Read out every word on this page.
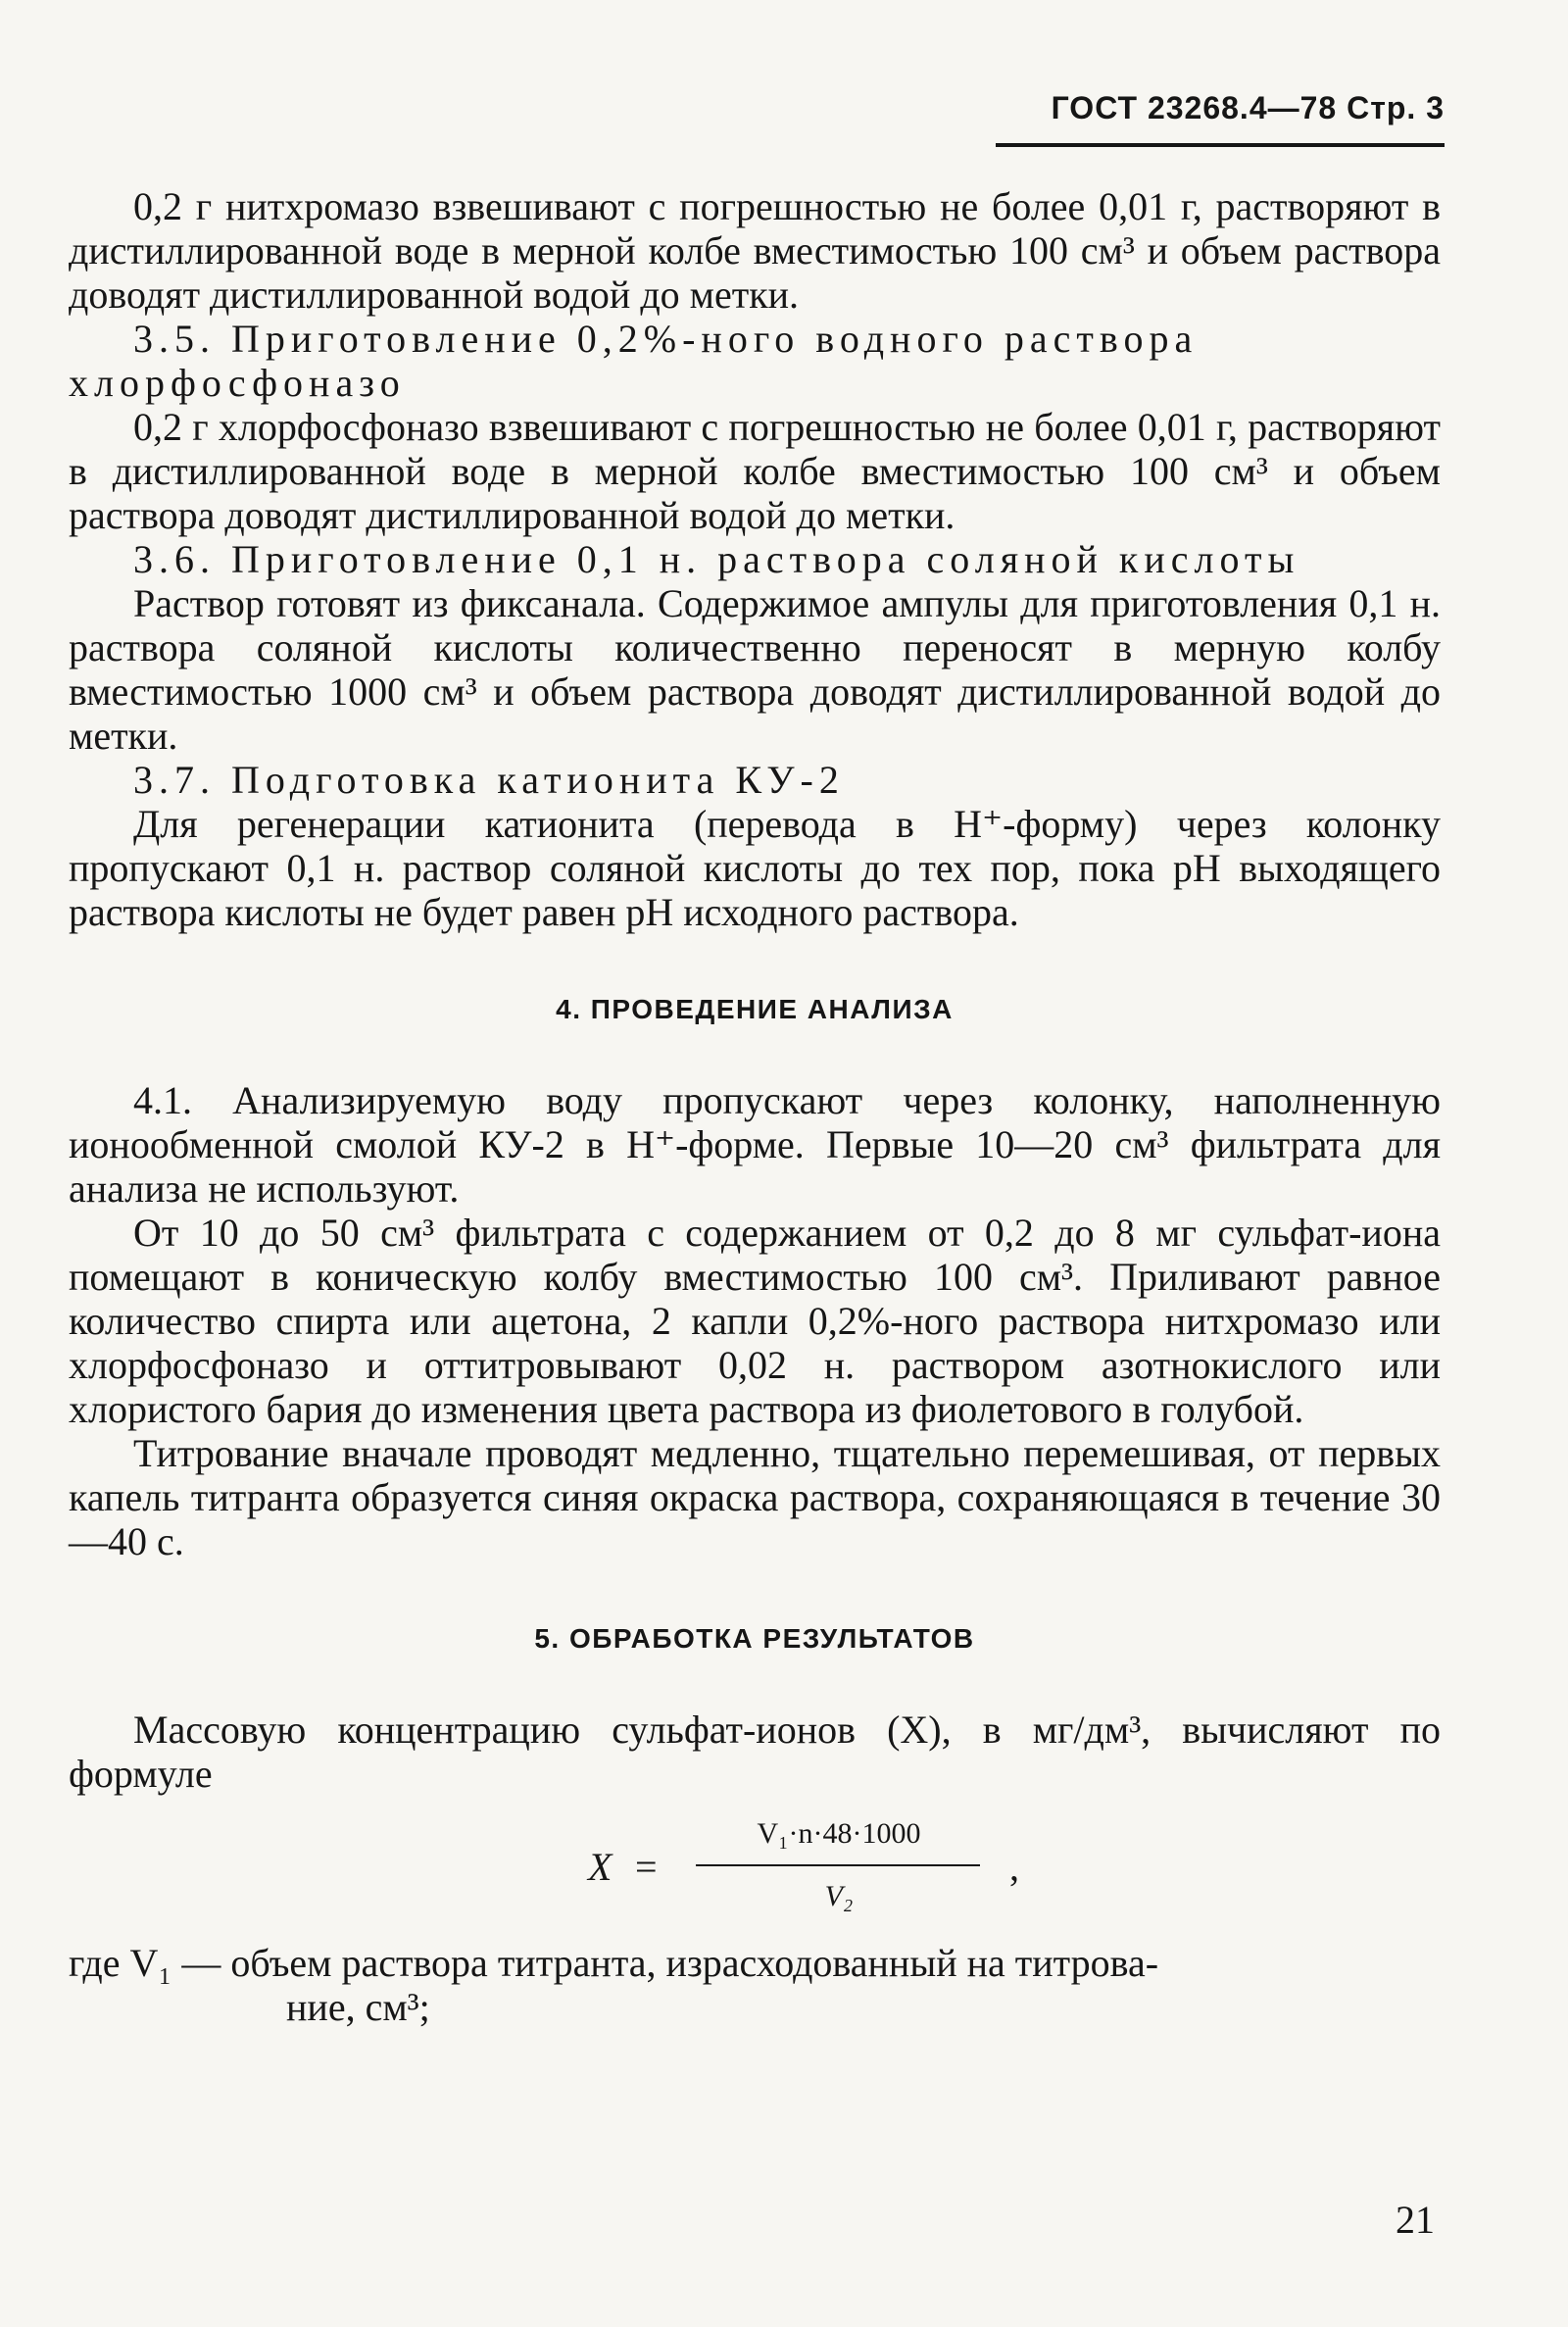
ГОСТ 23268.4—78 Стр. 3

0,2 г нитхромазо взвешивают с погрешностью не более 0,01 г, растворяют в дистиллированной воде в мерной колбе вместимостью 100 см³ и объем раствора доводят дистиллированной водой до метки.

3.5. Приготовление 0,2%-ного водного раствора хлорфосфоназо

0,2 г хлорфосфоназо взвешивают с погрешностью не более 0,01 г, растворяют в дистиллированной воде в мерной колбе вместимостью 100 см³ и объем раствора доводят дистиллированной водой до метки.

3.6. Приготовление 0,1 н. раствора соляной кислоты

Раствор готовят из фиксанала. Содержимое ампулы для приготовления 0,1 н. раствора соляной кислоты количественно переносят в мерную колбу вместимостью 1000 см³ и объем раствора доводят дистиллированной водой до метки.

3.7. Подготовка катионита КУ-2

Для регенерации катионита (перевода в H⁺-форму) через колонку пропускают 0,1 н. раствор соляной кислоты до тех пор, пока pH выходящего раствора кислоты не будет равен pH исходного раствора.

4. ПРОВЕДЕНИЕ АНАЛИЗА

4.1. Анализируемую воду пропускают через колонку, наполненную ионообменной смолой КУ-2 в H⁺-форме. Первые 10—20 см³ фильтрата для анализа не используют.

От 10 до 50 см³ фильтрата с содержанием от 0,2 до 8 мг сульфат-иона помещают в коническую колбу вместимостью 100 см³. Приливают равное количество спирта или ацетона, 2 капли 0,2%-ного раствора нитхромазо или хлорфосфоназо и оттитровывают 0,02 н. раствором азотнокислого или хлористого бария до изменения цвета раствора из фиолетового в голубой.

Титрование вначале проводят медленно, тщательно перемешивая, от первых капель титранта образуется синяя окраска раствора, сохраняющаяся в течение 30—40 с.

5. ОБРАБОТКА РЕЗУЛЬТАТОВ

Массовую концентрацию сульфат-ионов (X), в мг/дм³, вычисляют по формуле

X =
V₁·n·48·1000
V₂
,

где V₁ — объем раствора титранта, израсходованный на титрова-

ние, см³;

21
